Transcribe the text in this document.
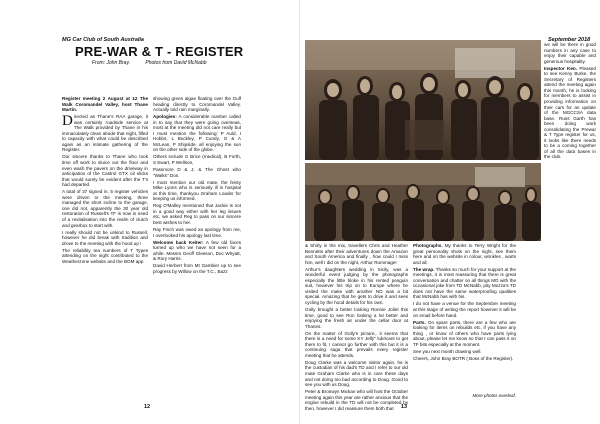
MG Car Club of South Australia
PRE-WAR & T - REGISTER
From: John Bray.	Photos from David McNabb

Register meeting 2 August at 12 The Walk Coromandel Valley, host Thane Martin.

Directed as Thane's RAA garage, it was certainly roadside service at The Walk provided by Thane in his immaculately clean abode that night, filled to capacity with what could be described again as an intimate gathering of the Register.

Our sincere thanks to Thane who took time off work to sluice out the floor and even wash the pavers on the driveway in anticipation of the Castrol GTX oil slicks that would surely be evident after the T's had departed.

A total of 37 signed in, 5 register vehicles were driven to the meeting, three managed the short incline to the garage, one did not, apparently the 30 year old restoration of Russell's TF is now in need of a revitalisation into the realm of clutch and gearbox to start with.

I really should not be unkind to Russell, however he did break with tradition and drove to the meeting with the hood up !

The reliability tea numbers of T Types attending on the night contributed to the Weatherzone website and the BOM app

showing green algae floating over the Gulf heading directly to Coromandel Valley. Actually told rain marginally.

Apologies: A considerable number called in to say that they were going overseas, most at the meeting did not care really but I must mention the following: P Auld, I Hobbs, L Buckley, P Cundy, G & A McLean, P Shipside, all enjoying the sun on the other side of the globe.

Others include G Brice (medical), B Forth, S Ewart, P Wellson,

Passmore D & J, & The Ghost who "Walks" Don.

I must mention our old mate, the feisty Mike Lyons who is seriously ill in hospital at this time, thankyou Graham Loader for keeping us informed.

Reg O'Malley mentioned that Jackie is not in a good way either with her leg issues etc, we asked Reg to pass on our sincere best wishes to her.

Ray Finch was owed an apology from me, I overlooked his apology last time.

Welcome back Keiter: A few old faces turned up who we have not seen for a while. Messrs Geoff Gleeson, Doc Whyatt, & Rory Harris.

David Herbert from Mt Gambier up to see progress by Willow on the T.C., Bazz

12
September 2018

we will be there in good numbers in any case to enjoy their capable and generous hospitality.

Inspector Ken. Pleased to see Kenny Burke, the Secretary of Registers attend the meeting again this month, he is looking for members to assist in providing information on their cars for an update of the MGCCSA data base. Russ Garth has been doing work consolidating the Prewar & T Type register for us, it looks like there needs to be a coming together of all the data bases in the club.

& Shirly in the mix, travellers Chris and Heather Bennetts after their adventures down the Amazon and South America and finally , how could I miss him, well I did on the night, Arthur Rummage!

Arthur's daughters wedding in Sicily, was a wonderful event judging by the photographs especially the little bloke in his rented penguin suit, however his trip on to Europe where he visited the make with another NO was a bit special. Amazing that he gets to drive it and sees cycling by the hood details for his own.

Golly brought a better looking Ronnie Joliet this time, good to see Ron looking a lot better and enjoying the fresh air under the cellar door at Thanes.

On the matter of Golly's picture,. it seems that there is a need for some KY Jelly" lubricant to get them to fit, I cannot go further with this but it is a continuing saga that prevails every register meeting that he attends.

Doug Clarke was a welcome visitor again, he is the custodian of his dad's TD and I refer to our old mate Graham Clarke who is in care these days and not doing too bad according to Doug. Good to see you with us Doug.

Peter & Bronwyn Mickan who will host the October meeting again this year are rather anxious that the engine rebuild in the TD will not be completed by then, however I did reassure them both that

Photographs. My thanks to Terry Wright for the great personality shots on the night, see them here and on the website in colour, wrinkles , warts and all.

The wrap. Thanks so much for your support at the meetings, it is most reassuring that there is great conversation and chatter on all things MG with the occasional joke from TD McNabb, pity Mozza's TD does not have the same waterproofing qualities that McNabb has with his.

I do not have a venue for the September meeting at this stage of writing the report however it will be on email before hand.

Parts. On spare parts, there are a few who are looking for items on rebuilds etc, if you have any thing , or know of others who have parts lying about, please let me know so that I can pass it on TF bits especially at the moment.

See you next month drawing well.

Cheers, John Bray BOTR ( Boss of the Register).

More photos overleaf.
13
